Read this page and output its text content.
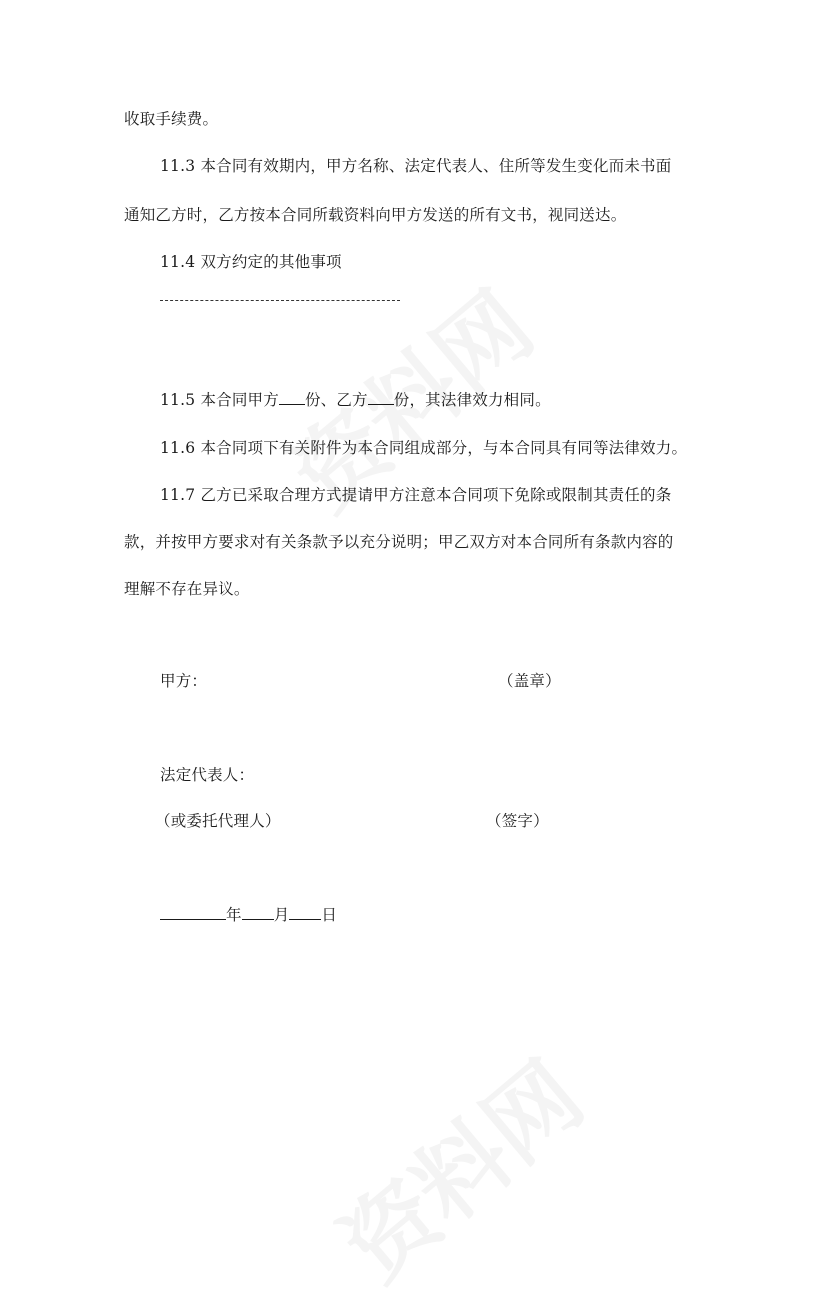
收取手续费。
11.3 本合同有效期内，甲方名称、法定代表人、住所等发生变化而未书面
通知乙方时，乙方按本合同所载资料向甲方发送的所有文书，视同送达。
11.4 双方约定的其他事项
11.5 本合同甲方 份、乙方 份，其法律效力相同。
11.6 本合同项下有关附件为本合同组成部分，与本合同具有同等法律效力。
11.7 乙方已采取合理方式提请甲方注意本合同项下免除或限制其责任的条
款，并按甲方要求对有关条款予以充分说明；甲乙双方对本合同所有条款内容的
理解不存在异议。
甲方：	（盖章）
法定代表人：
（或委托代理人）	（签字）
年 月 日
